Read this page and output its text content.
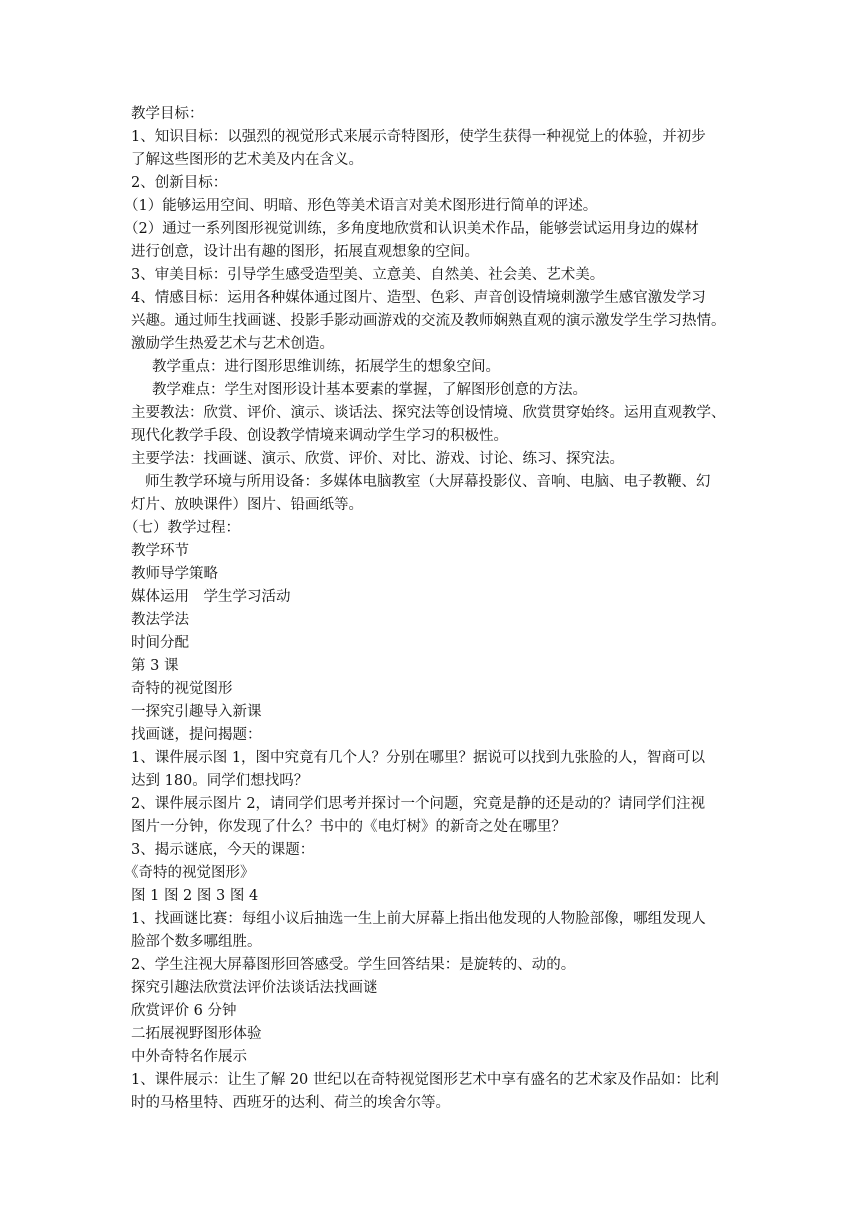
教学目标：
1、知识目标：以强烈的视觉形式来展示奇特图形，使学生获得一种视觉上的体验，并初步
了解这些图形的艺术美及内在含义。
2、创新目标：
（1）能够运用空间、明暗、形色等美术语言对美术图形进行简单的评述。
（2）通过一系列图形视觉训练，多角度地欣赏和认识美术作品，能够尝试运用身边的媒材
进行创意，设计出有趣的图形，拓展直观想象的空间。
3、审美目标：引导学生感受造型美、立意美、自然美、社会美、艺术美。
4、情感目标：运用各种媒体通过图片、造型、色彩、声音创设情境刺激学生感官激发学习
兴趣。通过师生找画谜、投影手影动画游戏的交流及教师娴熟直观的演示激发学生学习热情。
激励学生热爱艺术与艺术创造。
教学重点：进行图形思维训练，拓展学生的想象空间。
教学难点：学生对图形设计基本要素的掌握，了解图形创意的方法。
主要教法：欣赏、评价、演示、谈话法、探究法等创设情境、欣赏贯穿始终。运用直观教学、
现代化教学手段、创设教学情境来调动学生学习的积极性。
主要学法：找画谜、演示、欣赏、评价、对比、游戏、讨论、练习、探究法。
师生教学环境与所用设备：多媒体电脑教室（大屏幕投影仪、音响、电脑、电子教鞭、幻
灯片、放映课件）图片、铅画纸等。
（七）教学过程：
教学环节
教师导学策略
媒体运用　学生学习活动
教法学法
时间分配
第 3 课
奇特的视觉图形
一探究引趣导入新课
找画谜，提问揭题：
1、课件展示图 1，图中究竟有几个人？分别在哪里？据说可以找到九张脸的人，智商可以
达到 180。同学们想找吗？
2、课件展示图片 2，请同学们思考并探讨一个问题，究竟是静的还是动的？请同学们注视
图片一分钟，你发现了什么？书中的《电灯树》的新奇之处在哪里？
3、揭示谜底，今天的课题：
《奇特的视觉图形》
图 1 图 2 图 3 图 4
1、找画谜比赛：每组小议后抽选一生上前大屏幕上指出他发现的人物脸部像，哪组发现人
脸部个数多哪组胜。
2、学生注视大屏幕图形回答感受。学生回答结果：是旋转的、动的。
探究引趣法欣赏法评价法谈话法找画谜
欣赏评价 6 分钟
二拓展视野图形体验
中外奇特名作展示
1、课件展示：让生了解 20 世纪以在奇特视觉图形艺术中享有盛名的艺术家及作品如：比利
时的马格里特、西班牙的达利、荷兰的埃舍尔等。
